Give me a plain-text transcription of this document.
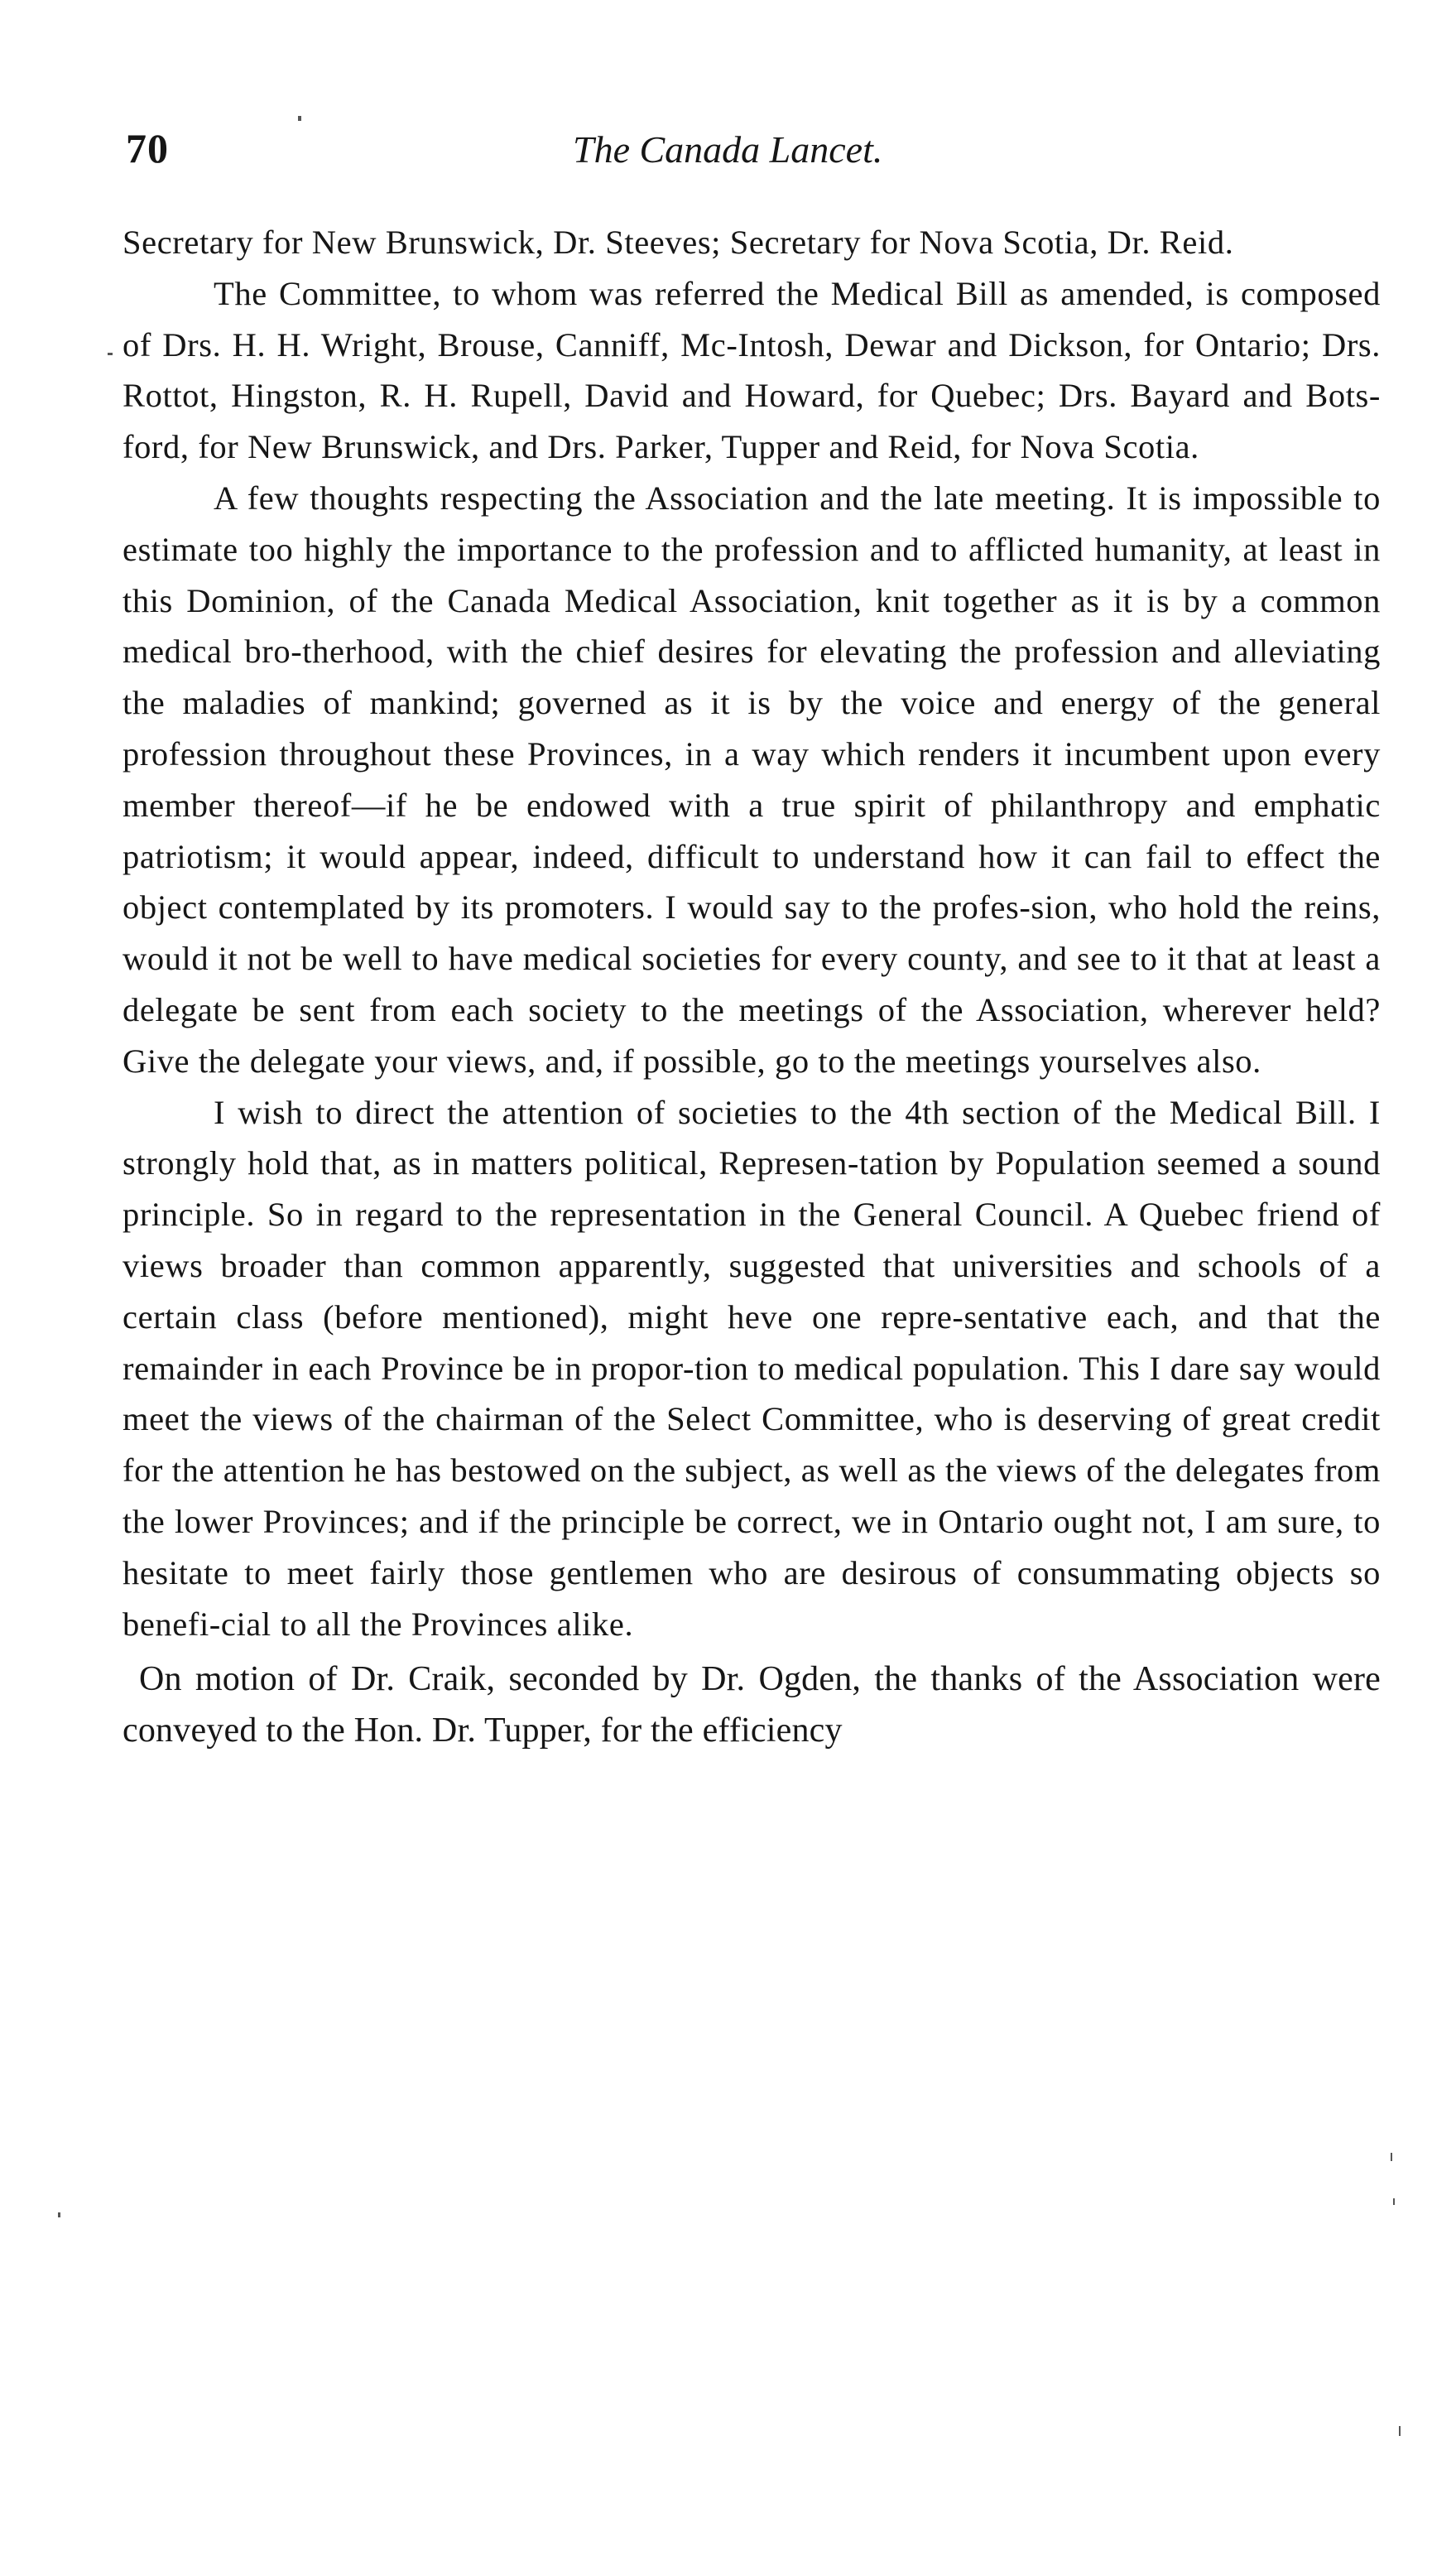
70	The Canada Lancet.

Secretary for New Brunswick, Dr. Steeves; Secretary for Nova Scotia, Dr. Reid.

The Committee, to whom was referred the Medical Bill as amended, is composed of Drs. H. H. Wright, Brouse, Canniff, Mc-Intosh, Dewar and Dickson, for Ontario; Drs. Rottot, Hingston, R. H. Rupell, David and Howard, for Quebec; Drs. Bayard and Bots-ford, for New Brunswick, and Drs. Parker, Tupper and Reid, for Nova Scotia.

A few thoughts respecting the Association and the late meeting. It is impossible to estimate too highly the importance to the profession and to afflicted humanity, at least in this Dominion, of the Canada Medical Association, knit together as it is by a common medical bro-therhood, with the chief desires for elevating the profession and alleviating the maladies of mankind; governed as it is by the voice and energy of the general profession throughout these Provinces, in a way which renders it incumbent upon every member thereof—if he be endowed with a true spirit of philanthropy and emphatic patriotism; it would appear, indeed, difficult to understand how it can fail to effect the object contemplated by its promoters. I would say to the profes-sion, who hold the reins, would it not be well to have medical societies for every county, and see to it that at least a delegate be sent from each society to the meetings of the Association, wherever held? Give the delegate your views, and, if possible, go to the meetings yourselves also.

I wish to direct the attention of societies to the 4th section of the Medical Bill. I strongly hold that, as in matters political, Represen-tation by Population seemed a sound principle. So in regard to the representation in the General Council. A Quebec friend of views broader than common apparently, suggested that universities and schools of a certain class (before mentioned), might heve one repre-sentative each, and that the remainder in each Province be in propor-tion to medical population. This I dare say would meet the views of the chairman of the Select Committee, who is deserving of great credit for the attention he has bestowed on the subject, as well as the views of the delegates from the lower Provinces; and if the principle be correct, we in Ontario ought not, I am sure, to hesitate to meet fairly those gentlemen who are desirous of consummating objects so benefi-cial to all the Provinces alike.

On motion of Dr. Craik, seconded by Dr. Ogden, the thanks of the Association were conveyed to the Hon. Dr. Tupper, for the efficiency
